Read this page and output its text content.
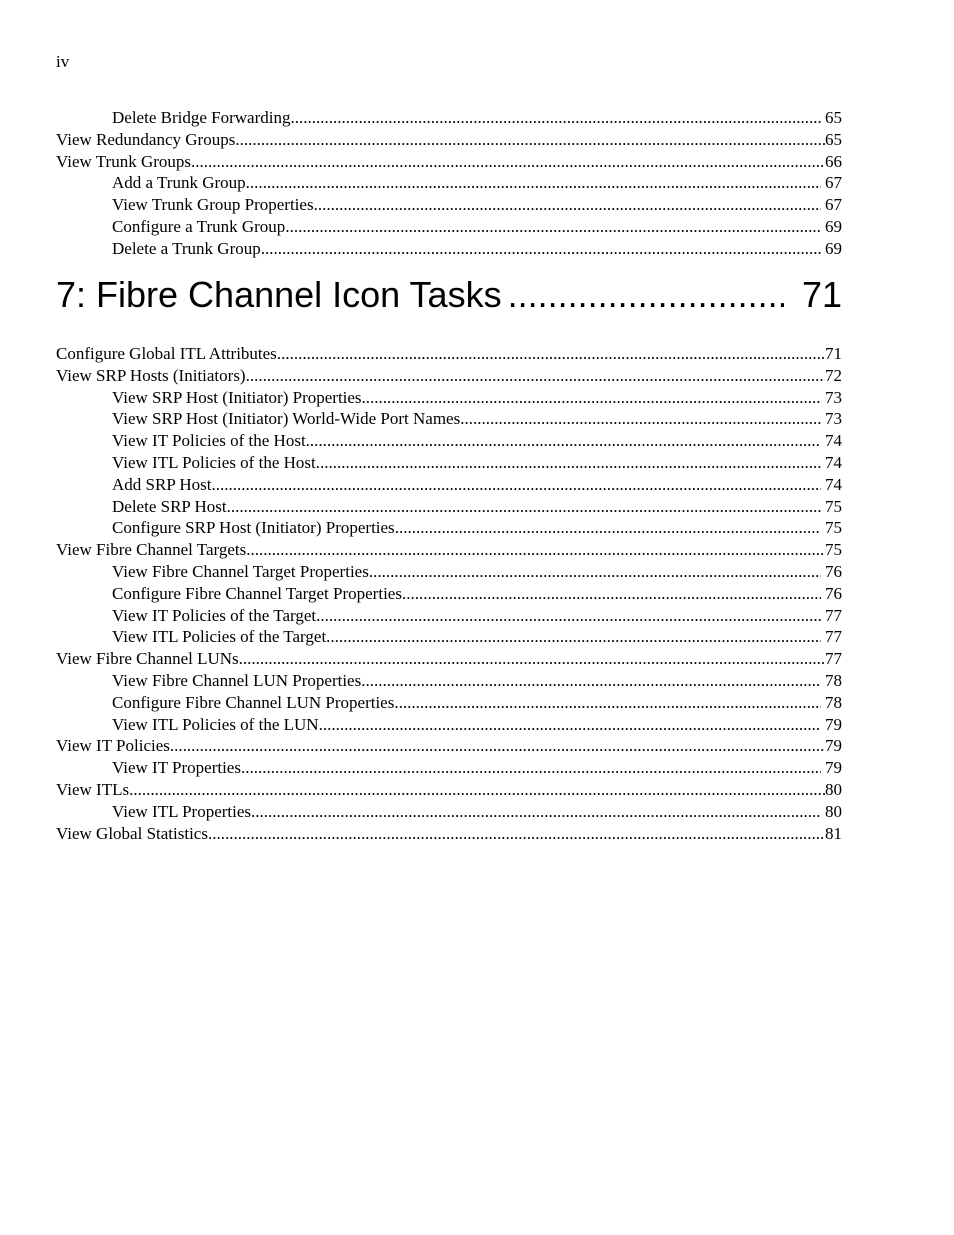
iv
Delete Bridge Forwarding .....	65
View Redundancy Groups .....	65
View Trunk Groups .....	66
Add a Trunk Group .....	67
View Trunk Group Properties .....	67
Configure a Trunk Group .....	69
Delete a Trunk Group .....	69
7: Fibre Channel Icon Tasks .....	71
Configure Global ITL Attributes .....	71
View SRP Hosts (Initiators) .....	72
View SRP Host (Initiator) Properties .....	73
View SRP Host (Initiator) World-Wide Port Names .....	73
View IT Policies of the Host .....	74
View ITL Policies of the Host .....	74
Add SRP Host .....	74
Delete SRP Host .....	75
Configure SRP Host (Initiator) Properties .....	75
View Fibre Channel Targets .....	75
View Fibre Channel Target Properties .....	76
Configure Fibre Channel Target Properties .....	76
View IT Policies of the Target .....	77
View ITL Policies of the Target .....	77
View Fibre Channel LUNs .....	77
View Fibre Channel LUN Properties .....	78
Configure Fibre Channel LUN Properties .....	78
View ITL Policies of the LUN .....	79
View IT Policies .....	79
View IT Properties .....	79
View ITLs .....	80
View ITL Properties .....	80
View Global Statistics .....	81
